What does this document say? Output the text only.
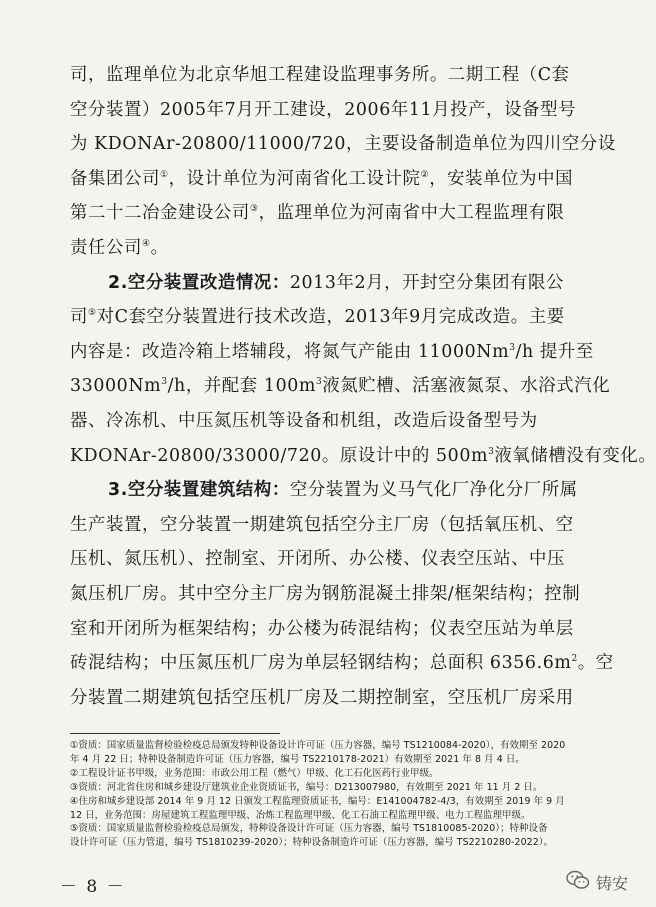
司，监理单位为北京华旭工程建设监理事务所。二期工程（C套
空分装置）2005年7月开工建设，2006年11月投产，设备型号
为 KDONAr-20800/11000/720，主要设备制造单位为四川空分设
备集团公司①，设计单位为河南省化工设计院②，安装单位为中国
第二十二冶金建设公司③，监理单位为河南省中大工程监理有限
责任公司④。
2.空分装置改造情况：2013年2月，开封空分集团有限公
司⑤对C套空分装置进行技术改造，2013年9月完成改造。主要
内容是：改造冷箱上塔辅段，将氮气产能由 11000Nm$^3$/h 提升至
33000Nm$^3$/h，并配套 $100m^3$液氮贮槽、活塞液氮泵、水浴式汽化
器、冷冻机、中压氮压机等设备和机组，改造后设备型号为
KDONAr-20800/33000/720。原设计中的 $500m^3$液氧储槽没有变化。
3.空分装置建筑结构：空分装置为义马气化厂净化分厂所属
生产装置，空分装置一期建筑包括空分主厂房（包括氧压机、空
压机、氮压机）、控制室、开闭所、办公楼、仪表空压站、中压
氮压机厂房。其中空分主厂房为钢筋混凝土排架/框架结构；控制
室和开闭所为框架结构；办公楼为砖混结构；仪表空压站为单层
砖混结构；中压氮压机厂房为单层轻钢结构；总面积 $6356.6m^2$。空
分装置二期建筑包括空压机厂房及二期控制室，空压机厂房采用
①资质：国家质量监督检验检疫总局颁发特种设备设计许可证（压力容器，编号 TS1210084-2020），有效期至 2020
年 4 月 22 日；特种设备制造许可证（压力容器，编号 TS2210178-2021）有效期至 2021 年 8 月 4 日。
②工程设计证书甲级，业务范围：市政公用工程（燃气）甲级、化工石化医药行业甲级。
③资质：河北省住房和城乡建设厅建筑业企业资质证书，编号：D213007980，有效期至 2021 年 11 月 2 日。
④住房和城乡建设部 2014 年 9 月 12 日颁发工程监理资质证书，编号：E141004782-4/3，有效期至 2019 年 9 月
12 日，业务范围：房屋建筑工程监理甲级、冶炼工程监理甲级、化工石油工程监理甲级、电力工程监理甲级。
⑤资质：国家质量监督检验检疫总局颁发，特种设备设计许可证（压力容器，编号 TS1810085-2020）；特种设备
设计许可证（压力管道，编号 TS1810239-2020）；特种设备制造许可证（压力容器，编号 TS2210280-2022）。
－ 8 －	铸安
